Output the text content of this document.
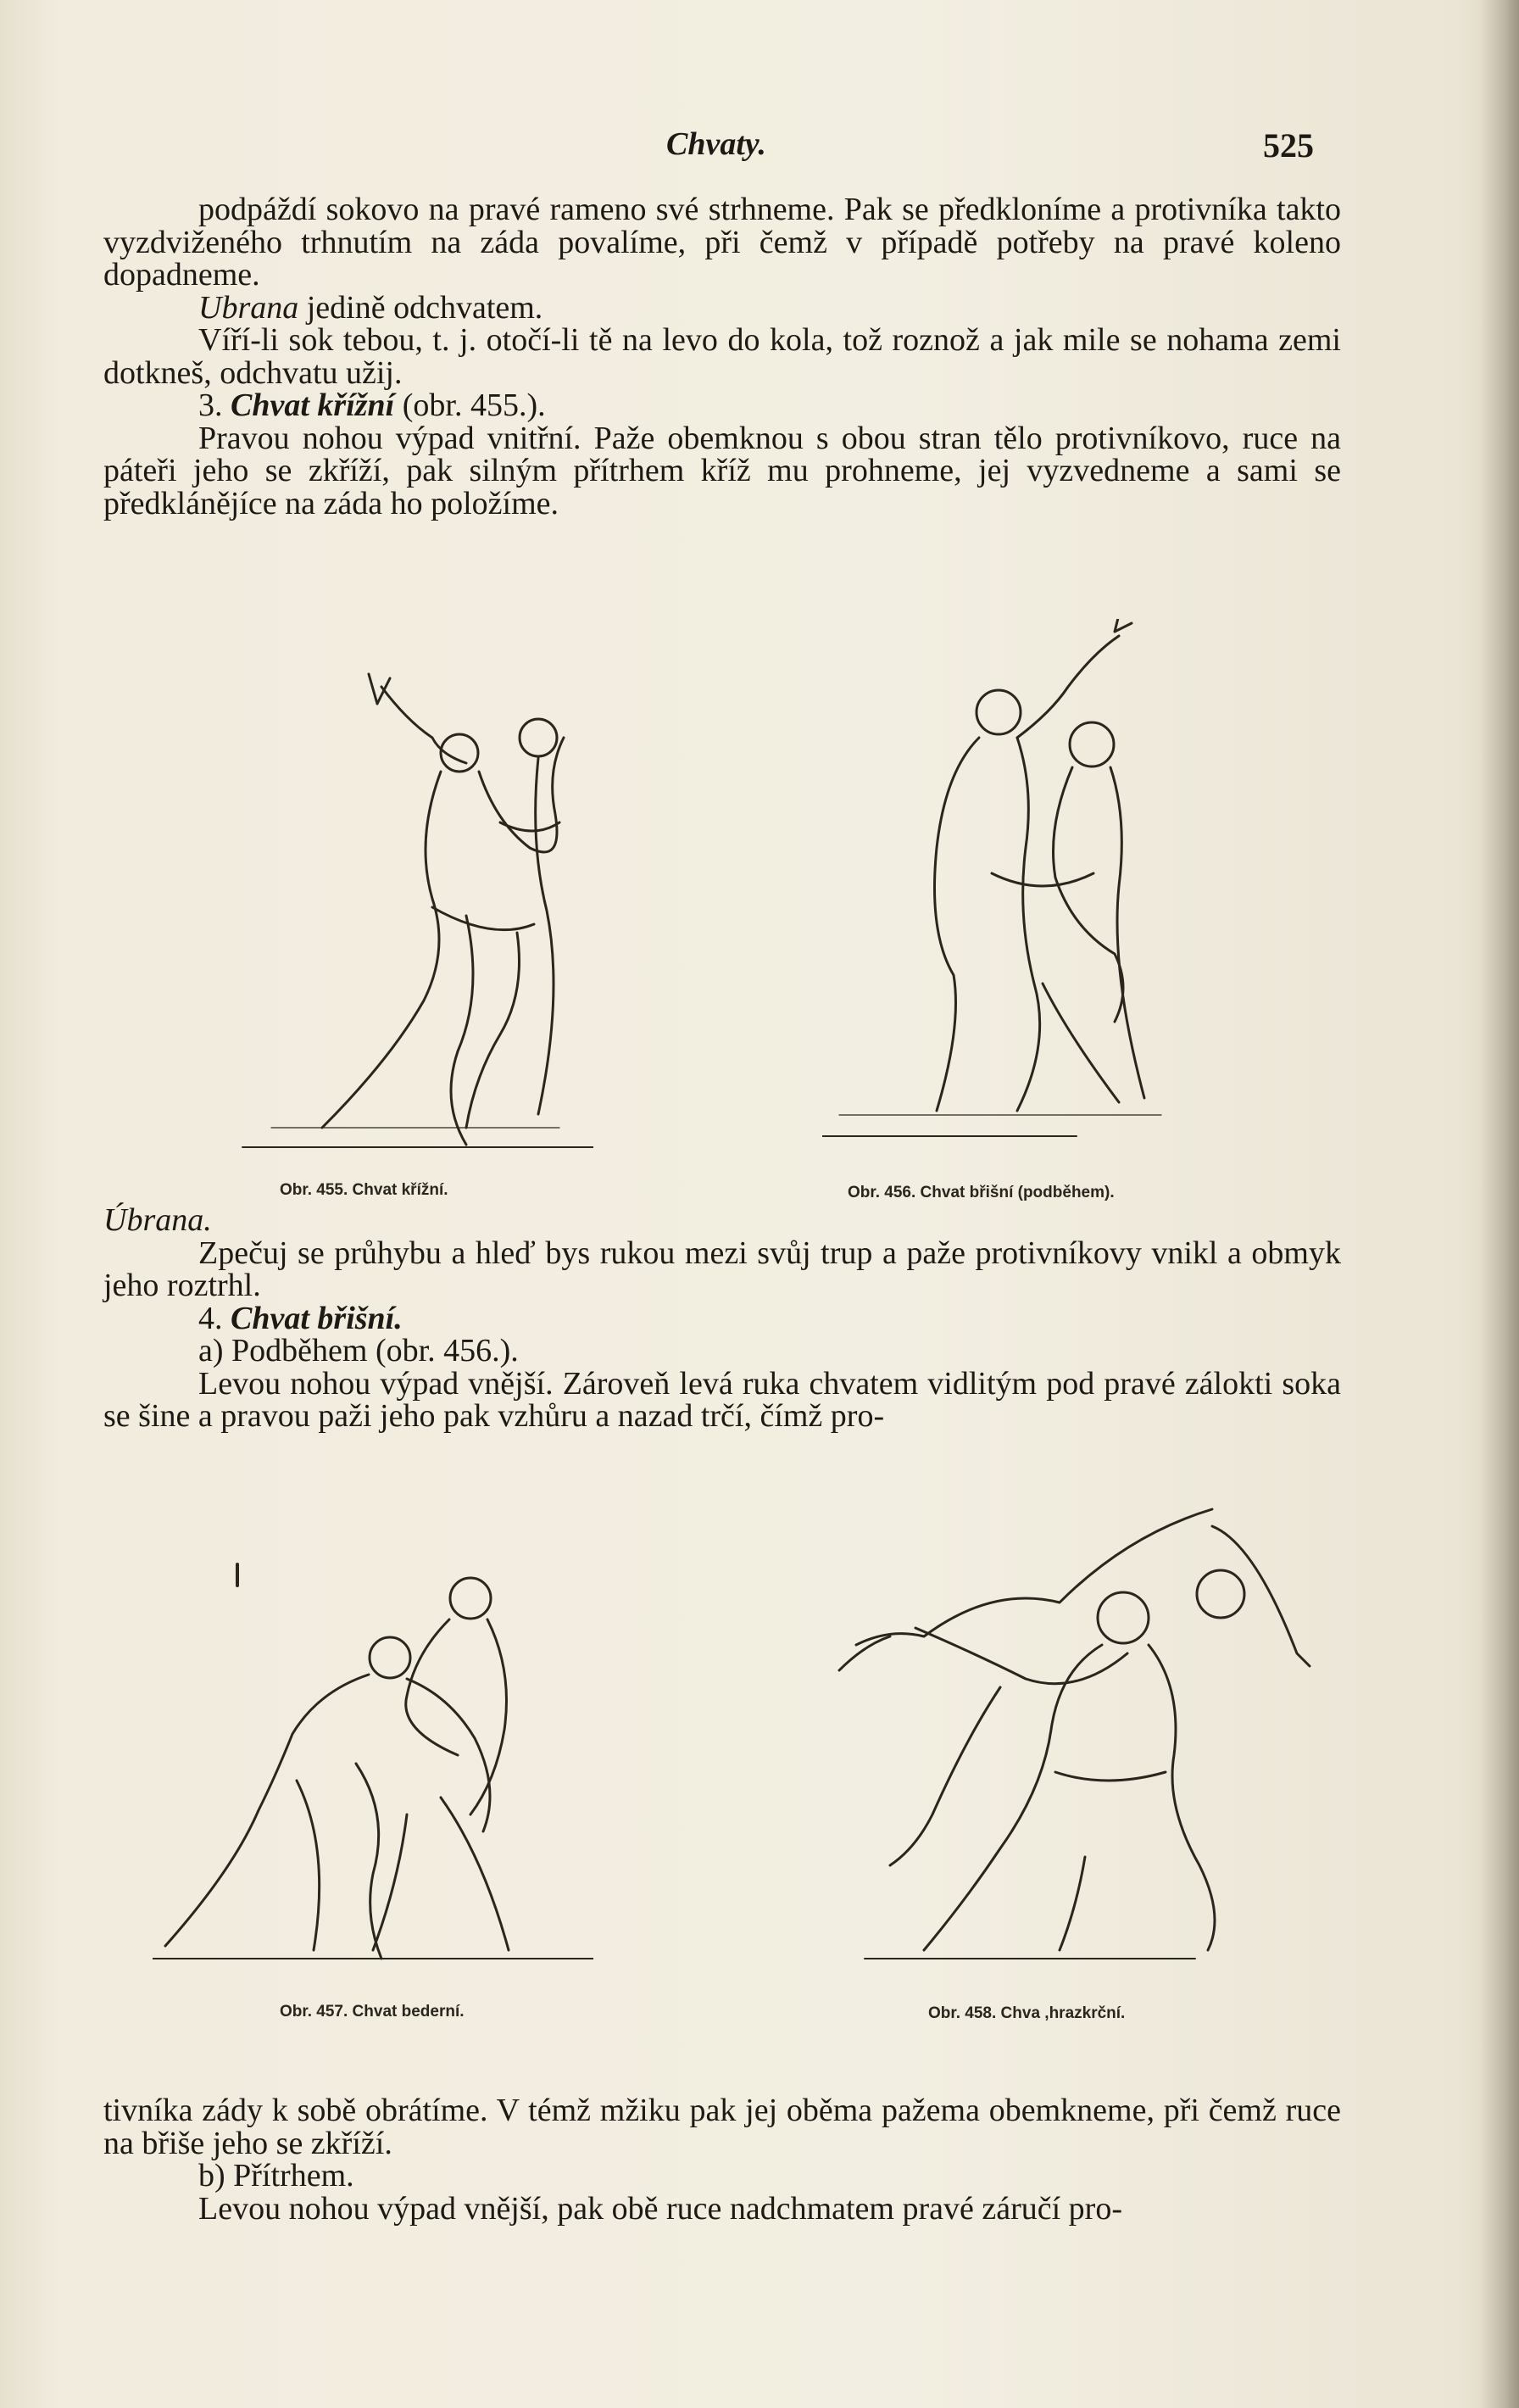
Chvaty.	525

podpáždí sokovo na pravé rameno své strhneme. Pak se předkloníme a protivníka takto vyzdviženého trhnutím na záda povalíme, při čemž v případě potřeby na pravé koleno dopadneme.

Ubrana jedině odchvatem.

Víří-li sok tebou, t. j. otočí-li tě na levo do kola, tož roznož a jak mile se nohama zemi dotkneš, odchvatu užij.

3. Chvat křížní (obr. 455.).

Pravou nohou výpad vnitřní. Paže obemknou s obou stran tělo protivníkovo, ruce na páteři jeho se zkříží, pak silným přítrhem kříž mu prohneme, jej vyzvedneme a sami se předklánějíce na záda ho položíme.

Obr. 455. Chvat křížní.	Obr. 456. Chvat břišní (podběhem).

Úbrana.

Zpečuj se průhybu a hleď bys rukou mezi svůj trup a paže protivníkovy vnikl a obmyk jeho roztrhl.

4. Chvat břišní.

a) Podběhem (obr. 456.).

Levou nohou výpad vnější. Zároveň levá ruka chvatem vidlitým pod pravé zálokti soka se šine a pravou paži jeho pak vzhůru a nazad trčí, čímž pro-

Obr. 457. Chvat bederní.	Obr. 458. Chva ,hrazkrční.

tivníka zády k sobě obrátíme. V témž mžiku pak jej oběma pažema obemkneme, při čemž ruce na břiše jeho se zkříží.

b) Přítrhem.

Levou nohou výpad vnější, pak obě ruce nadchmatem pravé záručí pro-
